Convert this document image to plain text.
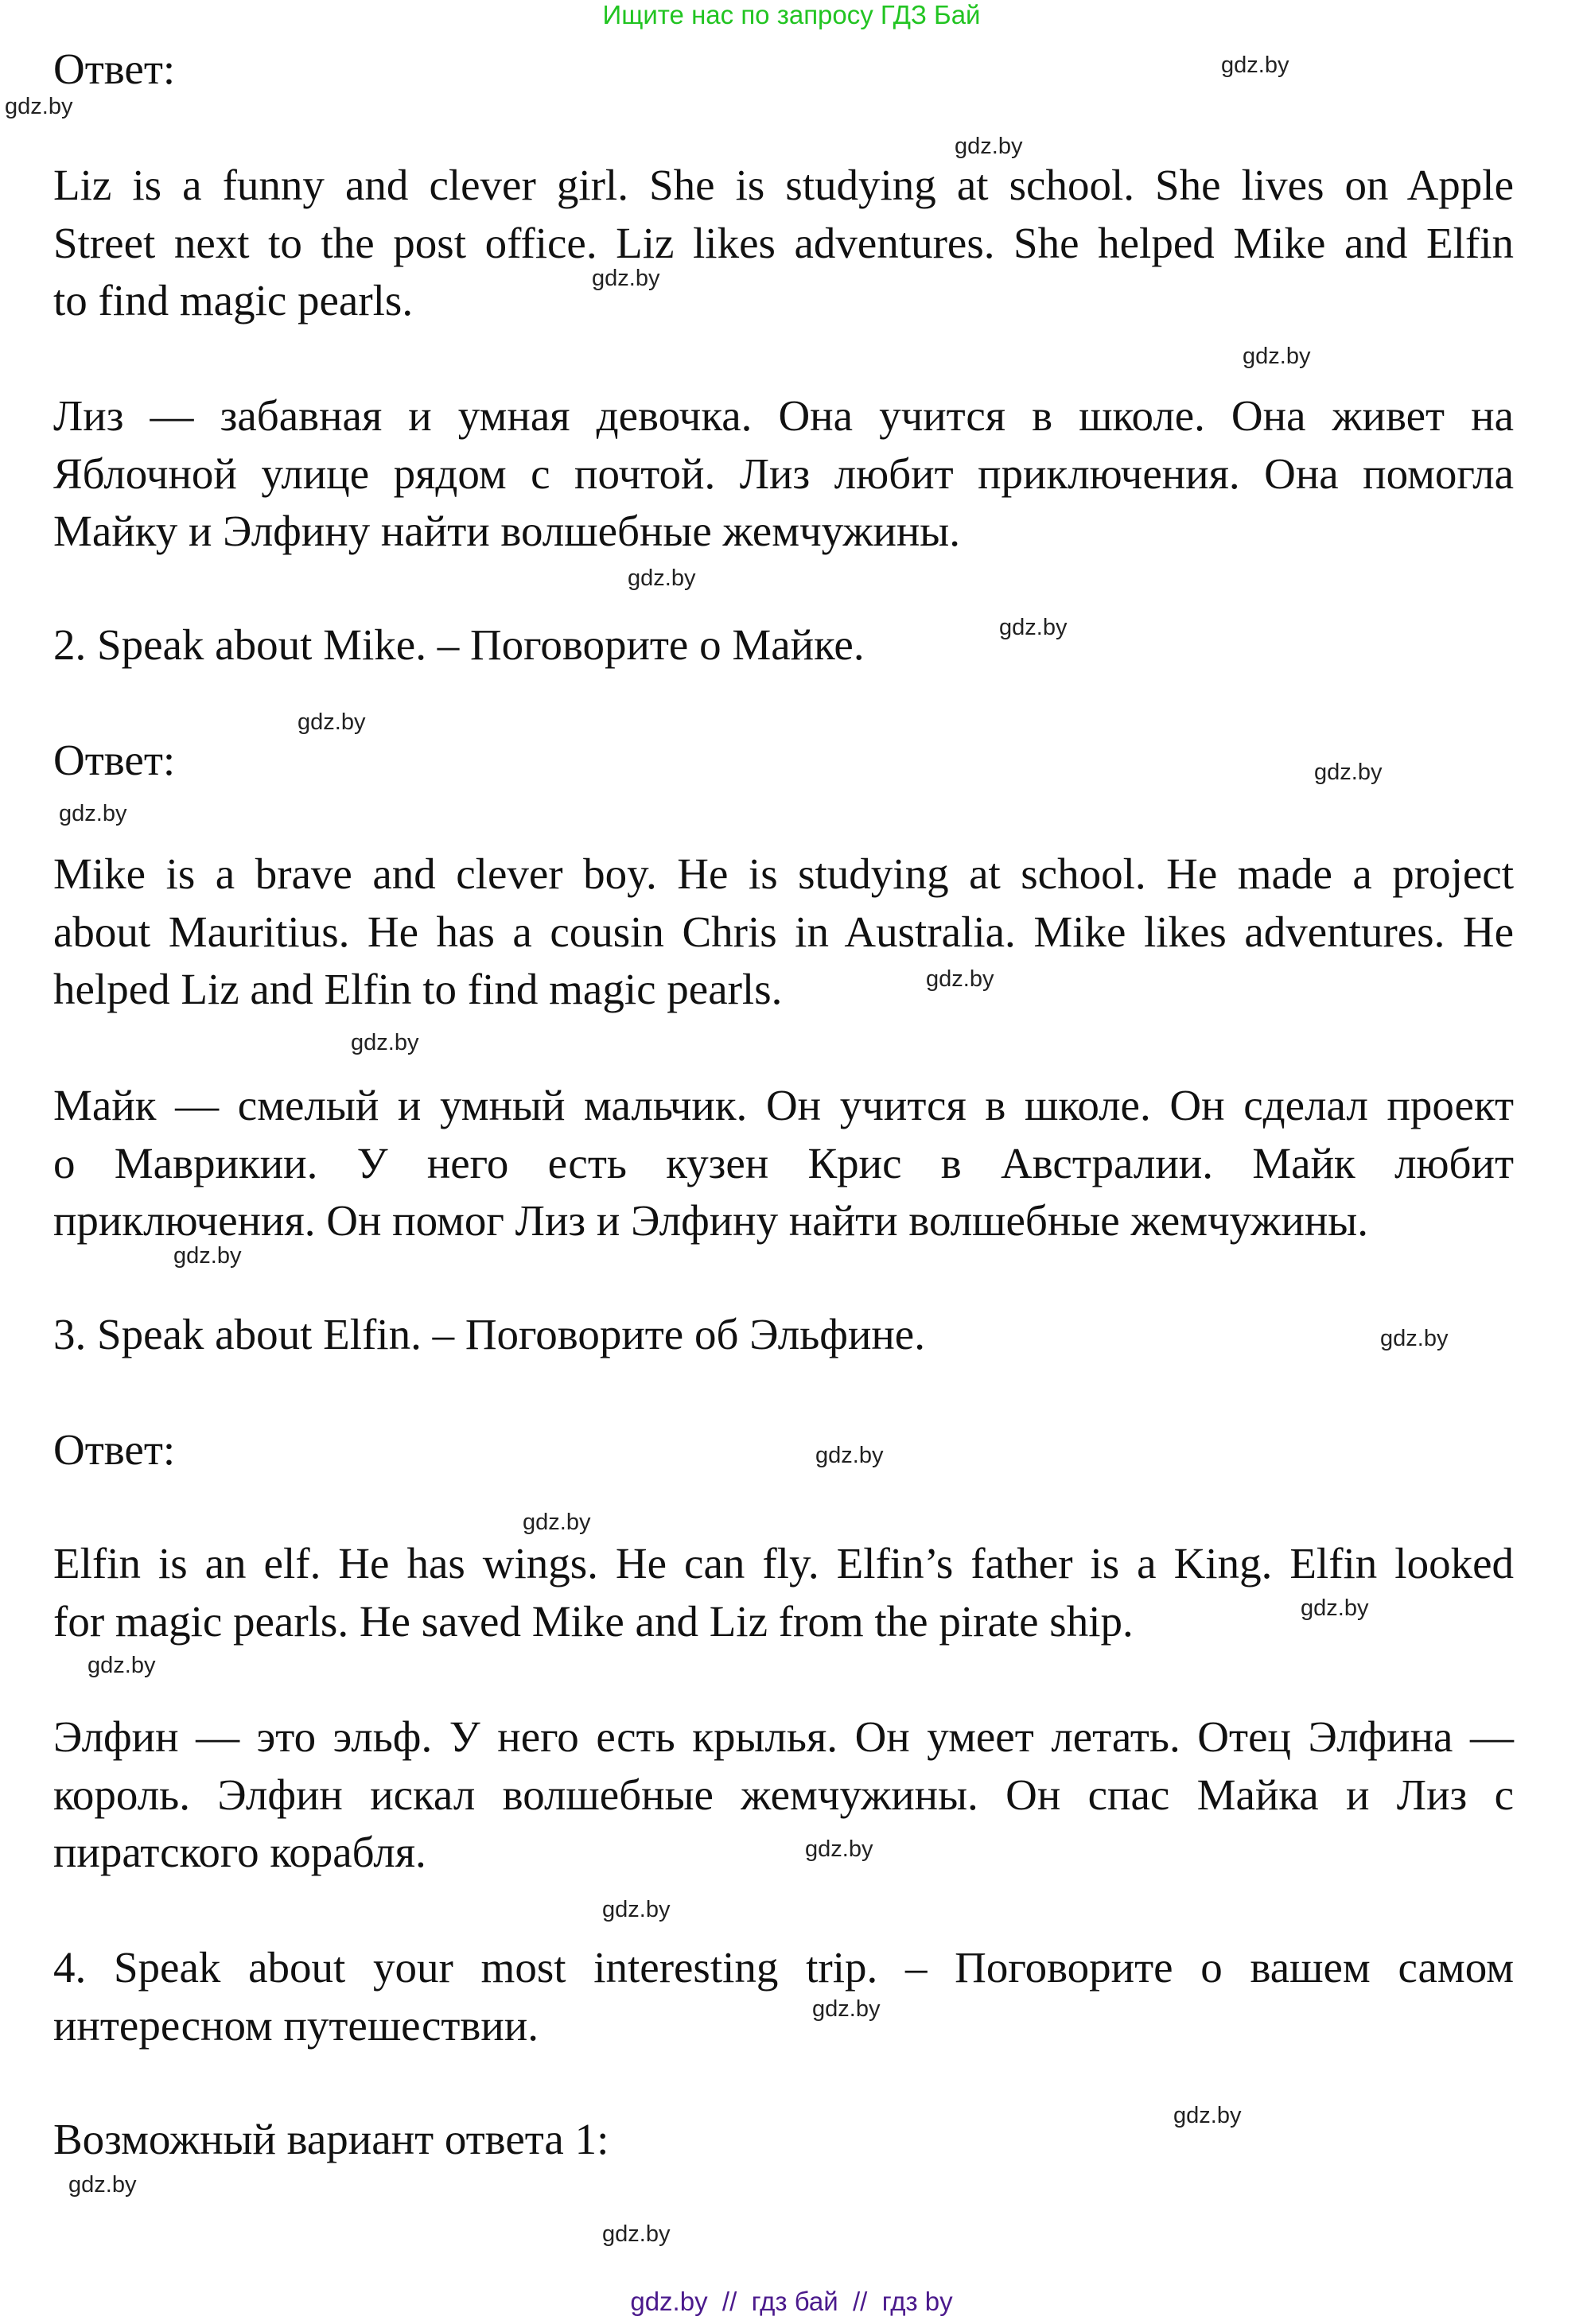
Ищите нас по запросу ГДЗ Бай
Ответ:
Liz is a funny and clever girl. She is studying at school. She lives on Apple
Street next to the post office. Liz likes adventures. She helped Mike and Elfin
to find magic pearls.
Лиз — забавная и умная девочка. Она учится в школе. Она живет на
Яблочной улице рядом с почтой. Лиз любит приключения. Она помогла
Майку и Элфину найти волшебные жемчужины.
2. Speak about Mike. – Поговорите о Майке.
Ответ:
Mike is a brave and clever boy. He is studying at school. He made a project
about Mauritius. He has a cousin Chris in Australia. Mike likes adventures. He
helped Liz and Elfin to find magic pearls.
Майк — смелый и умный мальчик. Он учится в школе. Он сделал проект
о Маврикии. У него есть кузен Крис в Австралии. Майк любит
приключения. Он помог Лиз и Элфину найти волшебные жемчужины.
3. Speak about Elfin. – Поговорите об Эльфине.
Ответ:
Elfin is an elf. He has wings. He can fly. Elfin’s father is a King. Elfin looked
for magic pearls. He saved Mike and Liz from the pirate ship.
Элфин — это эльф. У него есть крылья. Он умеет летать. Отец Элфина —
король. Элфин искал волшебные жемчужины. Он спас Майка и Лиз с
пиратского корабля.
4. Speak about your most interesting trip. – Поговорите о вашем самом
интересном путешествии.
Возможный вариант ответа 1:
gdz.by
gdz.by
gdz.by
gdz.by
gdz.by
gdz.by
gdz.by
gdz.by
gdz.by
gdz.by
gdz.by
gdz.by
gdz.by
gdz.by
gdz.by
gdz.by
gdz.by
gdz.by
gdz.by
gdz.by
gdz.by
gdz.by
gdz.by
gdz.by
gdz.by // гдз бай // гдз by
